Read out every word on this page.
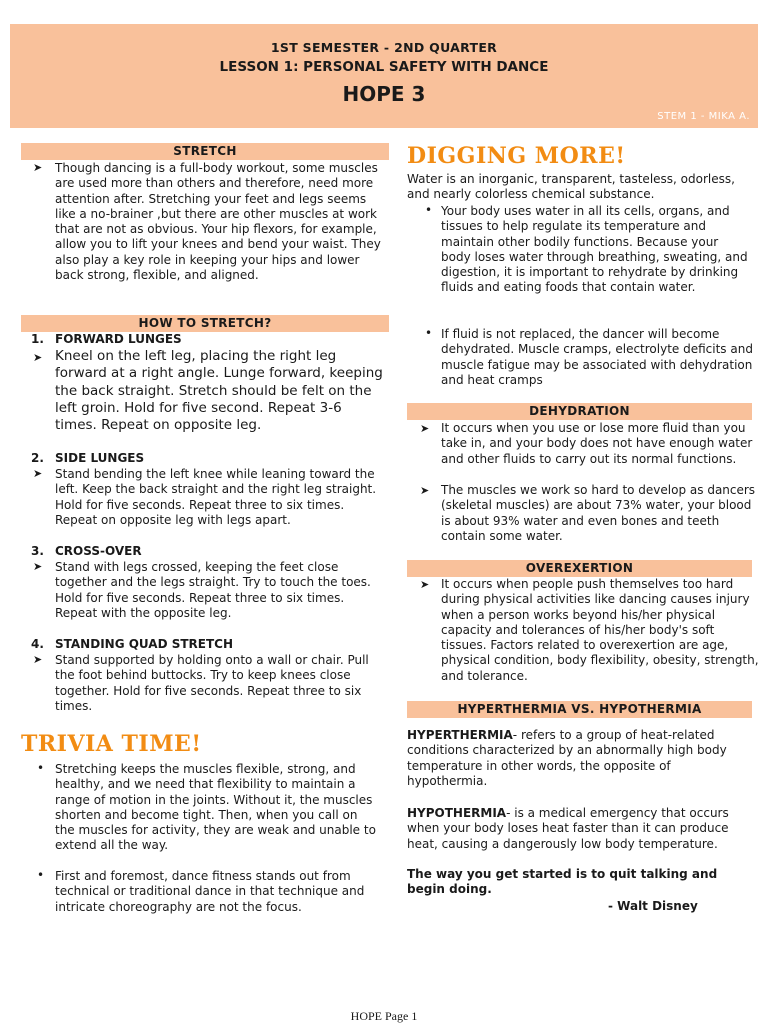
1ST SEMESTER - 2ND QUARTER
LESSON 1: PERSONAL SAFETY WITH DANCE
HOPE 3
STEM 1 - MIKA A.
STRETCH
➤ Though dancing is a full-body workout, some muscles are used more than others and therefore, need more attention after. Stretching your feet and legs seems like a no-brainer ,but there are other muscles at work that are not as obvious. Your hip flexors, for example, allow you to lift your knees and bend your waist. They also play a key role in keeping your hips and lower back strong, flexible, and aligned.
HOW TO STRETCH?
1. FORWARD LUNGES
➤ Kneel on the left leg, placing the right leg forward at a right angle. Lunge forward, keeping the back straight. Stretch should be felt on the left groin. Hold for five second. Repeat 3-6 times. Repeat on opposite leg.
2. SIDE LUNGES
➤ Stand bending the left knee while leaning toward the left. Keep the back straight and the right leg straight. Hold for five seconds. Repeat three to six times. Repeat on opposite leg with legs apart.
3. CROSS-OVER
➤ Stand with legs crossed, keeping the feet close together and the legs straight. Try to touch the toes. Hold for five seconds. Repeat three to six times. Repeat with the opposite leg.
4. STANDING QUAD STRETCH
➤ Stand supported by holding onto a wall or chair. Pull the foot behind buttocks. Try to keep knees close together. Hold for five seconds. Repeat three to six times.
TRIVIA TIME!
• Stretching keeps the muscles flexible, strong, and healthy, and we need that flexibility to maintain a range of motion in the joints. Without it, the muscles shorten and become tight. Then, when you call on the muscles for activity, they are weak and unable to extend all the way.
• First and foremost, dance fitness stands out from technical or traditional dance in that technique and intricate choreography are not the focus.
DIGGING MORE!
Water is an inorganic, transparent, tasteless, odorless, and nearly colorless chemical substance.
• Your body uses water in all its cells, organs, and tissues to help regulate its temperature and maintain other bodily functions. Because your body loses water through breathing, sweating, and digestion, it is important to rehydrate by drinking fluids and eating foods that contain water.
• If fluid is not replaced, the dancer will become dehydrated. Muscle cramps, electrolyte deficits and muscle fatigue may be associated with dehydration and heat cramps
DEHYDRATION
➤ It occurs when you use or lose more fluid than you take in, and your body does not have enough water and other fluids to carry out its normal functions.
➤ The muscles we work so hard to develop as dancers (skeletal muscles) are about 73% water, your blood is about 93% water and even bones and teeth contain some water.
OVEREXERTION
➤ It occurs when people push themselves too hard during physical activities like dancing causes injury when a person works beyond his/her physical capacity and tolerances of his/her body's soft tissues. Factors related to overexertion are age, physical condition, body flexibility, obesity, strength, and tolerance.
HYPERTHERMIA VS. HYPOTHERMIA
HYPERTHERMIA- refers to a group of heat-related conditions characterized by an abnormally high body temperature in other words, the opposite of hypothermia.
HYPOTHERMIA- is a medical emergency that occurs when your body loses heat faster than it can produce heat, causing a dangerously low body temperature.
The way you get started is to quit talking and begin doing.
- Walt Disney
HOPE Page 1
